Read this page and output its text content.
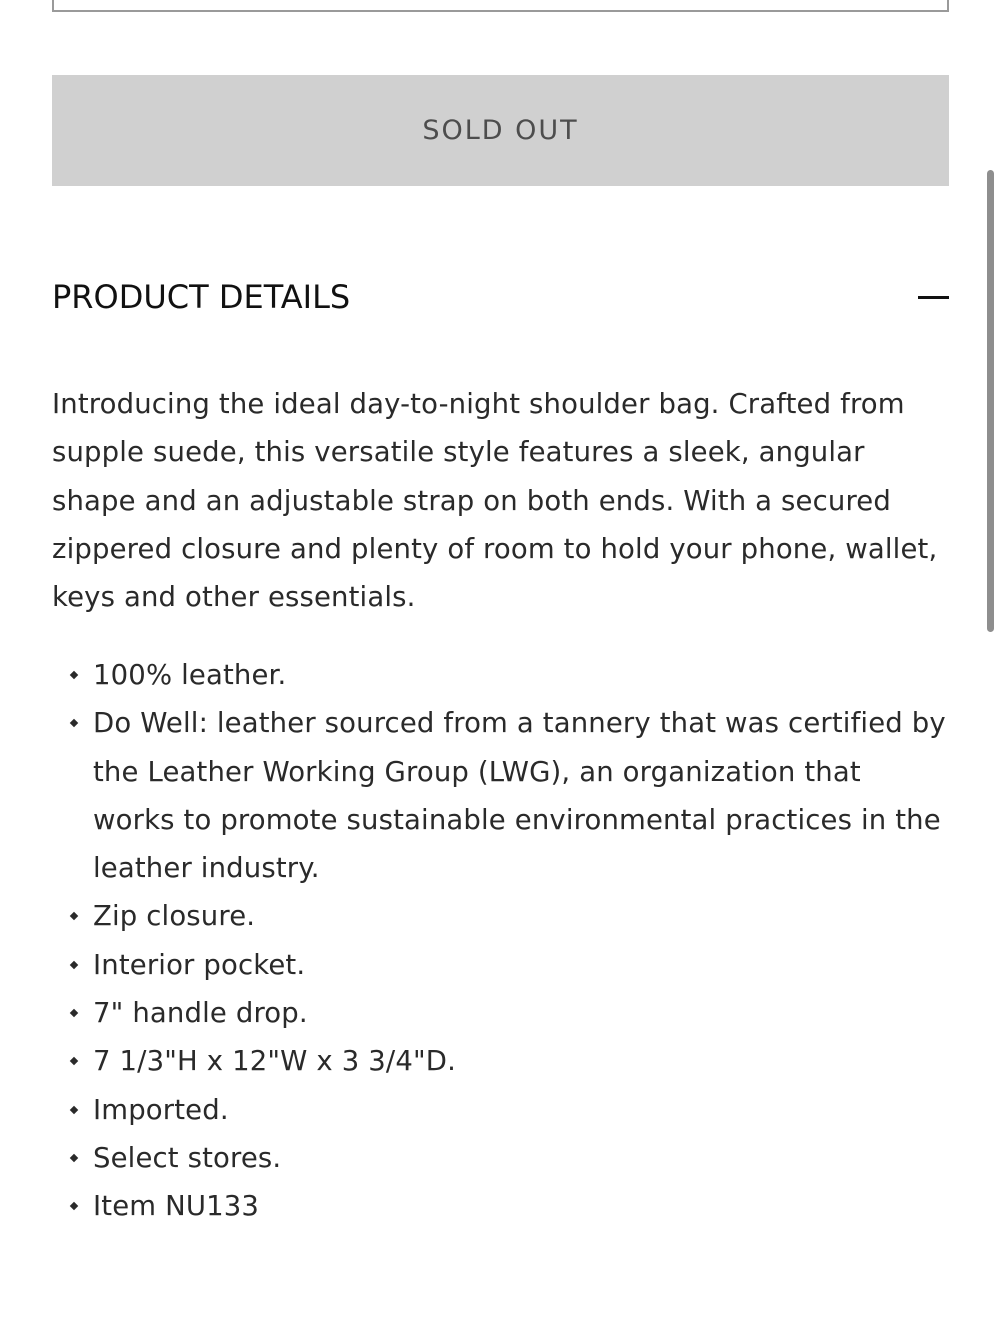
SOLD OUT
PRODUCT DETAILS

Introducing the ideal day-to-night shoulder bag. Crafted from supple suede, this versatile style features a sleek, angular shape and an adjustable strap on both ends. With a secured zippered closure and plenty of room to hold your phone, wallet, keys and other essentials.

100% leather.
Do Well: leather sourced from a tannery that was certified by the Leather Working Group (LWG), an organization that works to promote sustainable environmental practices in the leather industry.
Zip closure.
Interior pocket.
7" handle drop.
7 1/3"H x 12"W x 3 3/4"D.
Imported.
Select stores.
Item NU133
